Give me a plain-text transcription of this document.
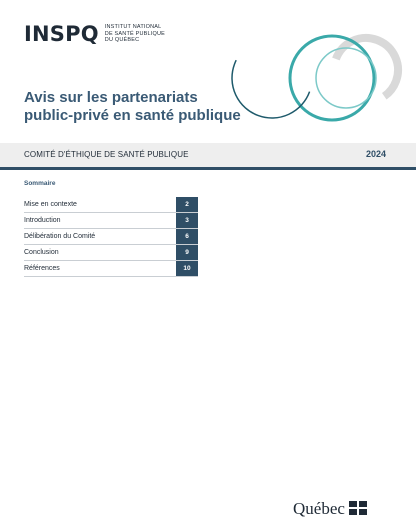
INSPQ INSTITUT NATIONAL
DE SANTÉ PUBLIQUE
DU QUÉBEC
Avis sur les partenariats
public-privé en santé publique
COMITÉ D'ÉTHIQUE DE SANTÉ PUBLIQUE	2024
Sommaire
Mise en contexte	2
Introduction	3
Délibération du Comité	6
Conclusion	9
Références	10
Québec
